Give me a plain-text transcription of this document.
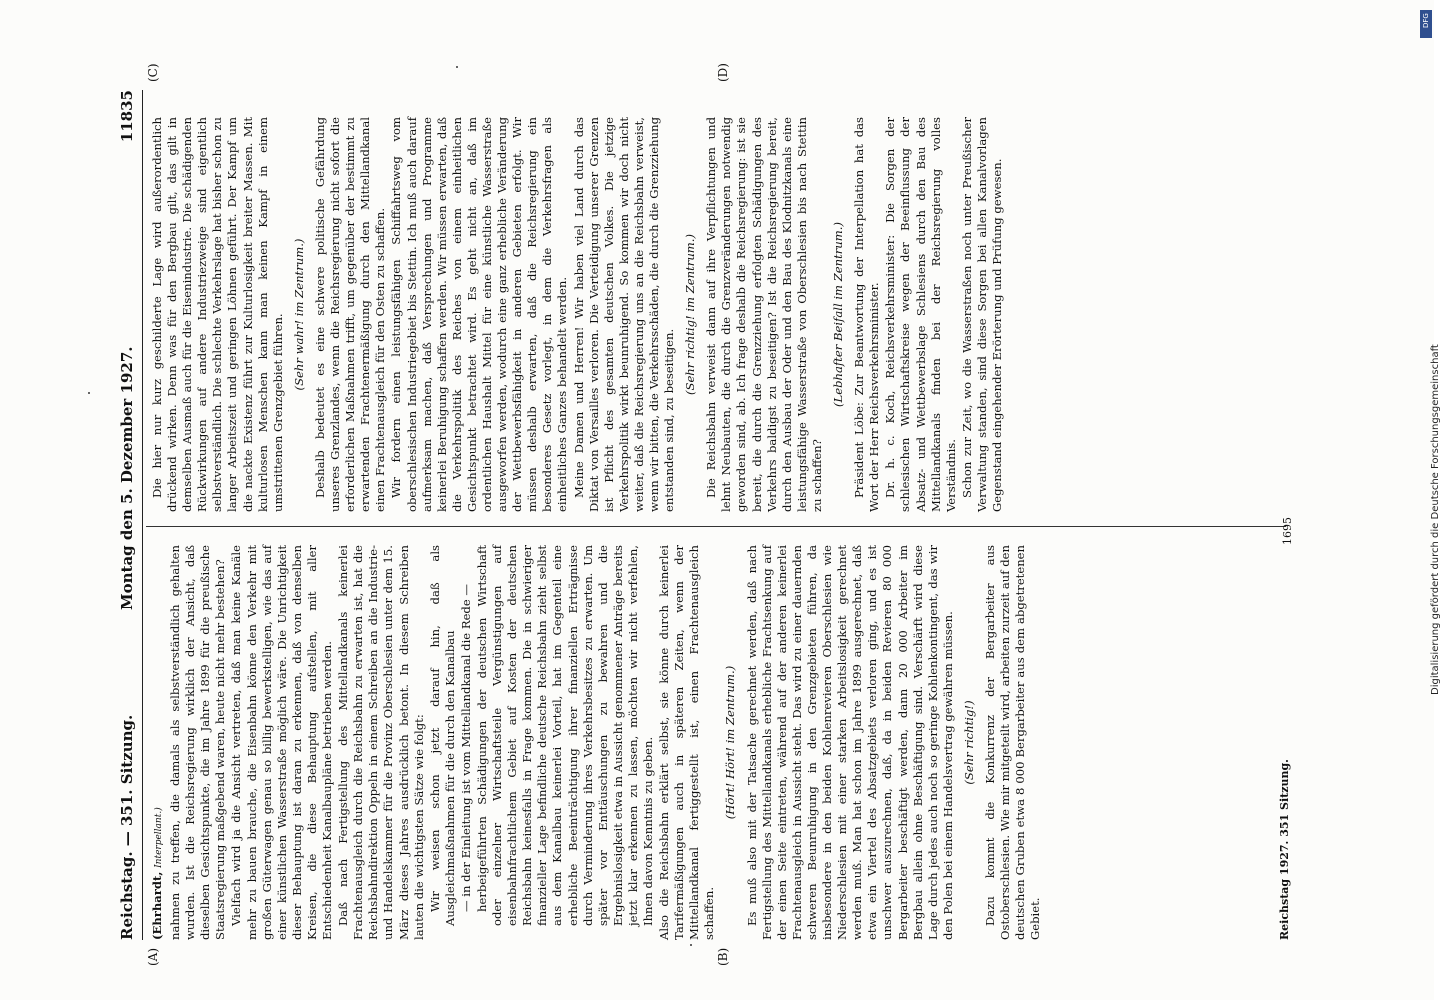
Reichstag. — 351. Sitzung.
Montag den 5. Dezember 1927.
11835

(Ehrhardt, Interpellant.) nahmen zu treffen, die damals als selbstverständlich gehalten wurden. Ist die Reichsregierung wirklich der Ansicht, daß dieselben Gesichtspunkte, die im Jahre 1899 für die preußische Staatsregierung maßgebend waren, heute nicht mehr bestehen? Vielfach wird ja die Ansicht vertreten, daß man keine Kanäle mehr zu bauen brauche, die Eisenbahn könne den Verkehr mit großen Güterwagen genau so billig bewerkstelligen, wie das auf einer künstlichen Wasserstraße möglich wäre. Die Unrichtigkeit dieser Behauptung ist daran zu erkennen, daß von denselben Kreisen, die diese Behauptung aufstellen, mit aller Entschiedenheit Kanalbaupläne betrieben werden. Daß nach Fertigstellung des Mittellandkanals keinerlei Frachtenausgleich durch die Reichsbahn zu erwarten ist, hat die Reichsbahndirektion Oppeln in einem Schreiben an die Industrie- und Handelskammer für die Provinz Oberschlesien unter dem 15. März dieses Jahres ausdrücklich betont. In diesem Schreiben lauten die wichtigsten Sätze wie folgt: Wir weisen schon jetzt darauf hin, daß als Ausgleichmaßnahmen für die durch den Kanalbau — in der Einleitung ist vom Mittellandkanal die Rede — herbeigeführten Schädigungen der deutschen Wirtschaft oder einzelner Wirtschaftsteile Vergünstigungen auf eisenbahnfrachtlichem Gebiet auf Kosten der deutschen Reichsbahn keinesfalls in Frage kommen. Die in schwieriger finanzieller Lage befindliche deutsche Reichsbahn zieht selbst aus dem Kanalbau keinerlei Vorteil, hat im Gegenteil eine erhebliche Beeinträchtigung ihrer finanziellen Erträgnisse durch Verminderung ihres Verkehrsbesitzes zu erwarten. Um später vor Enttäuschungen zu bewahren und die Ergebnislosigkeit etwa in Aussicht genommener Anträge bereits jetzt klar erkennen zu lassen, möchten wir nicht verfehlen, Ihnen davon Kenntnis zu geben. Also die Reichsbahn erklärt selbst, sie könne durch keinerlei Tarifermäßigungen auch in späteren Zeiten, wenn der Mittellandkanal fertiggestellt ist, einen Frachtenausgleich schaffen.

(Hört! Hört! im Zentrum.) Es muß also mit der Tatsache gerechnet werden, daß nach Fertigstellung des Mittellandkanals erhebliche Frachtsenkung auf der einen Seite eintreten, während auf der anderen keinerlei Frachtenausgleich in Aussicht steht. Das wird zu einer dauernden schweren Beunruhigung in den Grenzgebieten führen, da insbesondere in den beiden Kohlenrevieren Oberschlesien wie Niederschlesien mit einer starken Arbeitslosigkeit gerechnet werden muß. Man hat schon im Jahre 1899 ausgerechnet, daß etwa ein Viertel des Absatzgebiets verloren ging, und es ist unschwer auszurechnen, daß, da in beiden Revieren 80 000 Bergarbeiter beschäftigt werden, dann 20 000 Arbeiter im Bergbau allein ohne Beschäftigung sind. Verschärft wird diese Lage durch jedes auch noch so geringe Kohlenkontingent, das wir den Polen bei einem Handelsvertrag gewähren müssen. (Sehr richtig!) Dazu kommt die Konkurrenz der Bergarbeiter aus Ostoberschlesien. Wie mir mitgeteilt wird, arbeiten zurzeit auf den deutschen Gruben etwa 8 000 Bergarbeiter aus dem abgetretenen Gebiet.

Die hier nur kurz geschilderte Lage wird außerordentlich drückend wirken. Denn was für den Bergbau gilt, das gilt in demselben Ausmaß auch für die Eisenindustrie. Die schädigenden Rückwirkungen auf andere Industriezweige sind eigentlich selbstverständlich. Die schlechte Verkehrslage hat bisher schon zu langer Arbeitszeit und geringen Löhnen geführt. Der Kampf um die nackte Existenz führt zur Kulturlosigkeit breiter Massen. Mit kulturlosen Menschen kann man keinen Kampf in einem umstrittenen Grenzgebiet führen. (Sehr wahr! im Zentrum.) Deshalb bedeutet es eine schwere politische Gefährdung unseres Grenzlandes, wenn die Reichsregierung nicht sofort die erforderlichen Maßnahmen trifft, um gegenüber der bestimmt zu erwartenden Frachtenermäßigung durch den Mittellandkanal einen Frachtenausgleich für den Osten zu schaffen. Wir fordern einen leistungsfähigen Schiffahrtsweg vom oberschlesischen Industriegebiet bis Stettin. Ich muß auch darauf aufmerksam machen, daß Versprechungen und Programme keinerlei Beruhigung schaffen werden. Wir müssen erwarten, daß die Verkehrspolitik des Reiches von einem einheitlichen Gesichtspunkt betrachtet wird. Es geht nicht an, daß im ordentlichen Haushalt Mittel für eine künstliche Wasserstraße ausgeworfen werden, wodurch eine ganz erhebliche Veränderung der Wettbewerbsfähigkeit in anderen Gebieten erfolgt. Wir müssen deshalb erwarten, daß die Reichsregierung ein besonderes Gesetz vorlegt, in dem die Verkehrsfragen als einheitliches Ganzes behandelt werden. Meine Damen und Herren! Wir haben viel Land durch das Diktat von Versailles verloren. Die Verteidigung unserer Grenzen ist Pflicht des gesamten deutschen Volkes. Die jetzige Verkehrspolitik wirkt beunruhigend. So kommen wir doch nicht weiter, daß die Reichsregierung uns an die Reichsbahn verweist, wenn wir bitten, die Verkehrsschäden, die durch die Grenzziehung entstanden sind, zu beseitigen.

(Sehr richtig! im Zentrum.) Die Reichsbahn verweist dann auf ihre Verpflichtungen und lehnt Neubauten, die durch die Grenzveränderungen notwendig geworden sind, ab. Ich frage deshalb die Reichsregierung: ist sie bereit, die durch die Grenzziehung erfolgten Schädigungen des Verkehrs baldigst zu beseitigen? Ist die Reichsregierung bereit, durch den Ausbau der Oder und den Bau des Klodnitzkanals eine leistungsfähige Wasserstraße von Oberschlesien bis nach Stettin zu schaffen?

(Lebhafter Beifall im Zentrum.) Präsident Löbe: Zur Beantwortung der Interpellation hat das Wort der Herr Reichsverkehrsminister. Dr. h. c. Koch, Reichsverkehrsminister: Die Sorgen der schlesischen Wirtschaftskreise wegen der Beeinflussung der Absatz- und Wettbewerbslage Schlesiens durch den Bau des Mittellandkanals finden bei der Reichsregierung volles Verständnis. Schon zur Zeit, wo die Wasserstraßen noch unter Preußischer Verwaltung standen, sind diese Sorgen bei allen Kanalvorlagen Gegenstand eingehender Erörterung und Prüfung gewesen.

Reichstag 1927. 351 Sitzung.
1695
(A)	(B)
(C)	(D)
Digitalisierung gefördert durch die Deutsche Forschungsgemeinschaft
DFG
